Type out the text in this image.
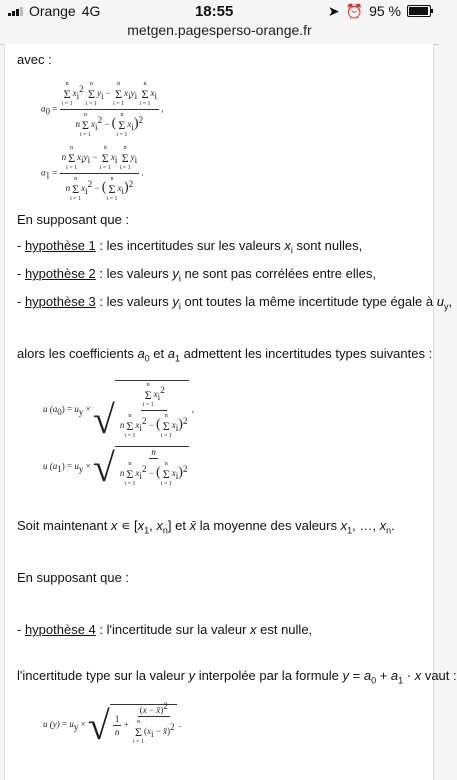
Orange 4G	18:55	➤ ⏰ 95 %
metgen.pagesperso-orange.fr
avec :
$a_0$ =
n
Σ
i = 1
$x_i^2$
n
Σ
i = 1
$y_i$ −
n
Σ
i = 1
$x_iy_i$
n
Σ
i = 1
$x_i$
n
n
Σ
i = 1
$x_i^2$ − (
n
Σ
i = 1
$x_i)^2$
,
$a_1 = n$
n
Σ
i = 1
$x_iy_i$ −
n
Σ
i = 1
$x_i$
n
Σ
i = 1
$y_i$
n
n
Σ
i = 1
$x_i^2$ − (
n
Σ
i = 1
$x_i)^2$ .
En supposant que :
- hypothèse 1 : les incertitudes sur les valeurs $x_i$ sont nulles,
- hypothèse 2 : les valeurs $y_i$ ne sont pas corrélées entre elles,
- hypothèse 3 : les valeurs $y_i$ ont toutes la même incertitude type égale à $u_y$,
alors les coefficients $a_0$ et $a_1$ admettent les incertitudes types suivantes :
u $(a_0) = u_y$ × √ n
Σ
i = 1
$x_i^2$
n
n
Σ
i = 1
$x_i^2$ − (
n
Σ
i = 1
$x_i)^2$ ,
u $(a_1) = u_y$ × √ n
n
n
Σ
i = 1
$x_i^2$ − (
n
Σ
i = 1
$x_i)^2$
Soit maintenant x ∊ [$x_1$, $x_n$] et x̄ la moyenne des valeurs $x_1$, …, $x_n$.
En supposant que :
- hypothèse 4 : l'incertitude sur la valeur x est nulle,
l'incertitude type sur la valeur y interpolée par la formule $y = a_0 + a_1 \cdot x$ vaut :
u $(y) = u_y$ × √ $\frac{1}{n} + (x$ − x̄)$^2$
n
Σ
i = 1
($x_i$ − x̄)$^2$ .
